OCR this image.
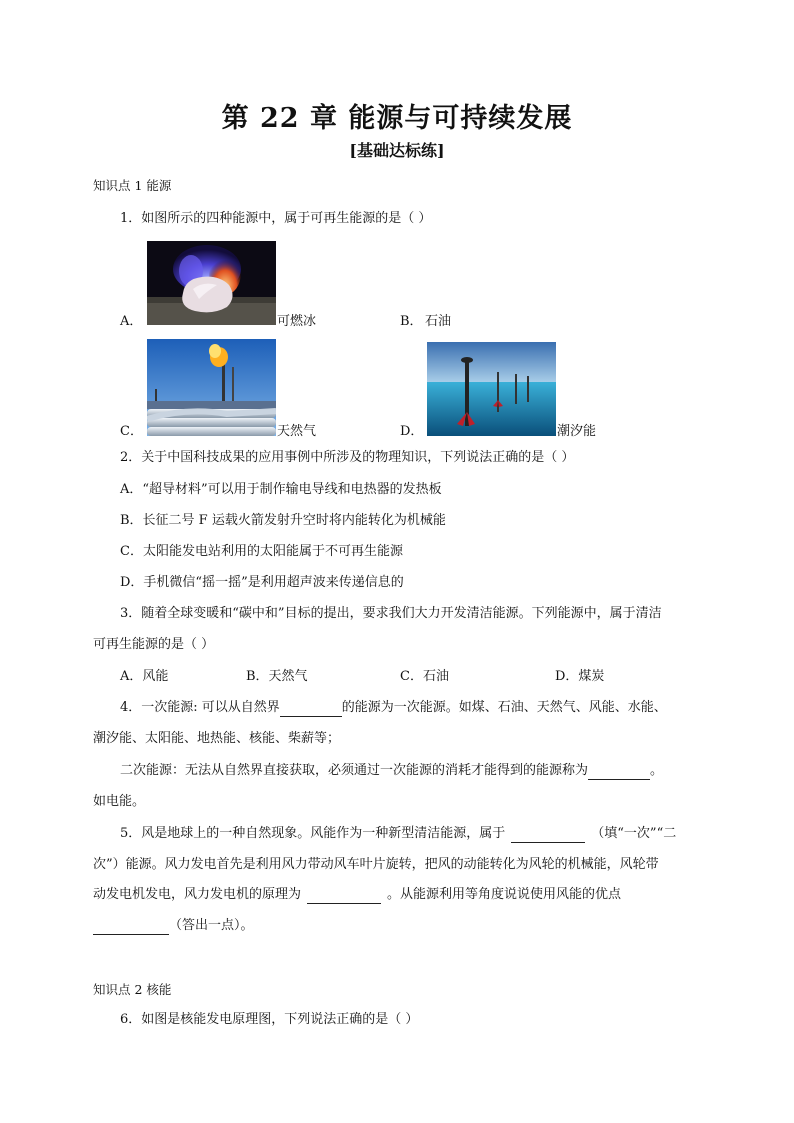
第 22 章 能源与可持续发展
[基础达标练]
知识点 1 能源
1．如图所示的四种能源中，属于可再生能源的是（ ）
A．	可燃冰	B． 石油
C．	天然气	D．	潮汐能
2．关于中国科技成果的应用事例中所涉及的物理知识，下列说法正确的是（ ）
A．“超导材料”可以用于制作输电导线和电热器的发热板
B．长征二号 F 运载火箭发射升空时将内能转化为机械能
C．太阳能发电站利用的太阳能属于不可再生能源
D．手机微信“摇一摇”是利用超声波来传递信息的
3．随着全球变暖和“碳中和”目标的提出，要求我们大力开发清洁能源。下列能源中，属于清洁
可再生能源的是（ ）
A．风能	B．天然气	C．石油	D．煤炭
4．一次能源: 可以从自然界	的能源为一次能源。如煤、石油、天然气、风能、水能、
潮汐能、太阳能、地热能、核能、柴薪等；
二次能源：无法从自然界直接获取，必须通过一次能源的消耗才能得到的能源称为	。
如电能。
5．风是地球上的一种自然现象。风能作为一种新型清洁能源，属于	（填“一次”“二
次”）能源。风力发电首先是利用风力带动风车叶片旋转，把风的动能转化为风轮的机械能，风轮带
动发电机发电，风力发电机的原理为	。从能源利用等角度说说使用风能的优点
（答出一点）。
知识点 2 核能
6．如图是核能发电原理图，下列说法正确的是（ ）
